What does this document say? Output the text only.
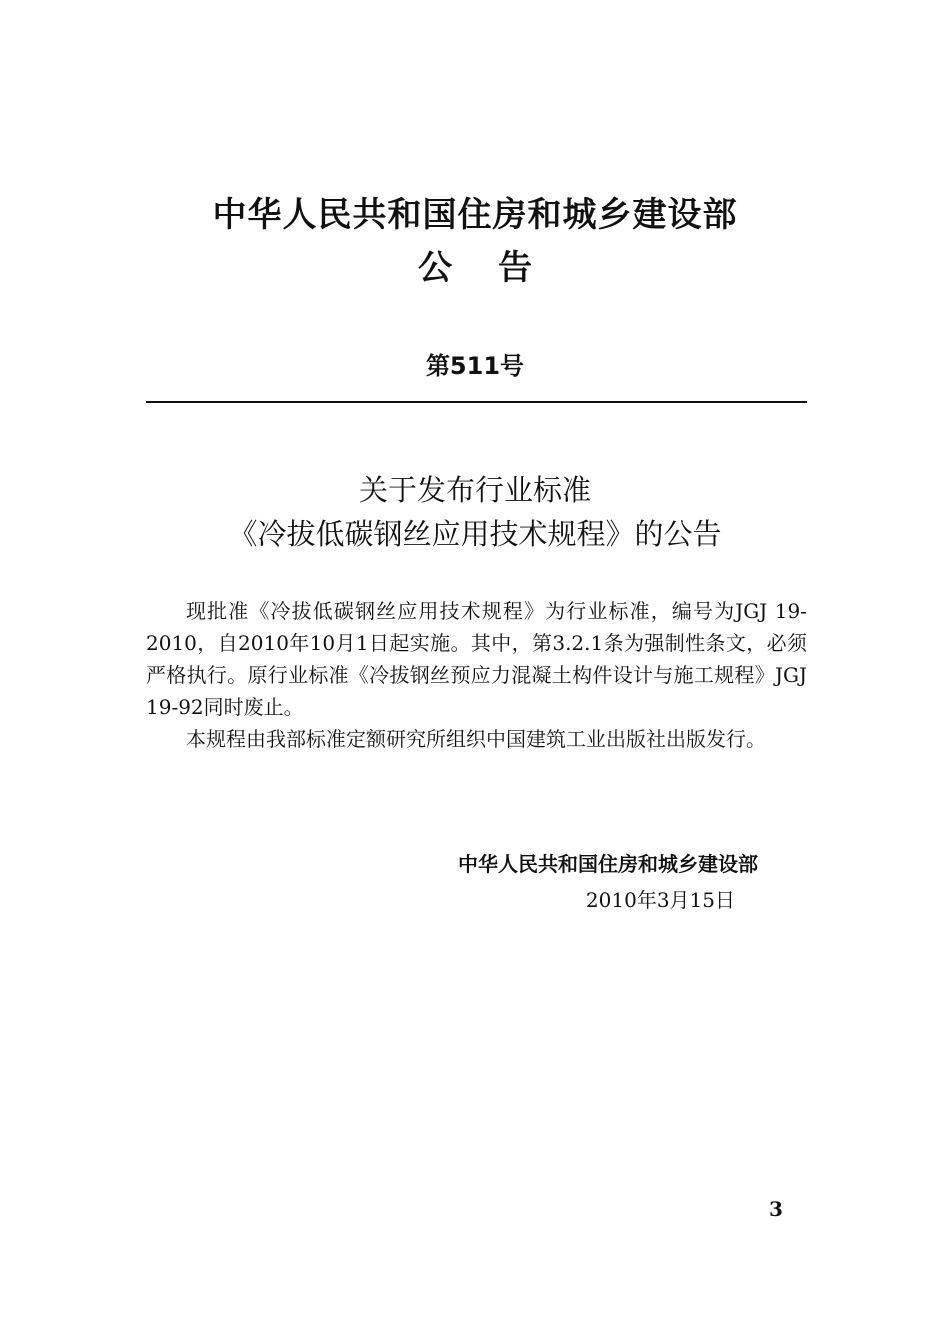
中华人民共和国住房和城乡建设部
公告
第511号
关于发布行业标准
《冷拔低碳钢丝应用技术规程》的公告

现批准《冷拔低碳钢丝应用技术规程》为行业标准，编号为JGJ 19-2010，自2010年10月1日起实施。其中，第3.2.1条为强制性条文，必须严格执行。原行业标准《冷拔钢丝预应力混凝土构件设计与施工规程》JGJ 19-92同时废止。

本规程由我部标准定额研究所组织中国建筑工业出版社出版发行。

中华人民共和国住房和城乡建设部
2010年3月15日
3
